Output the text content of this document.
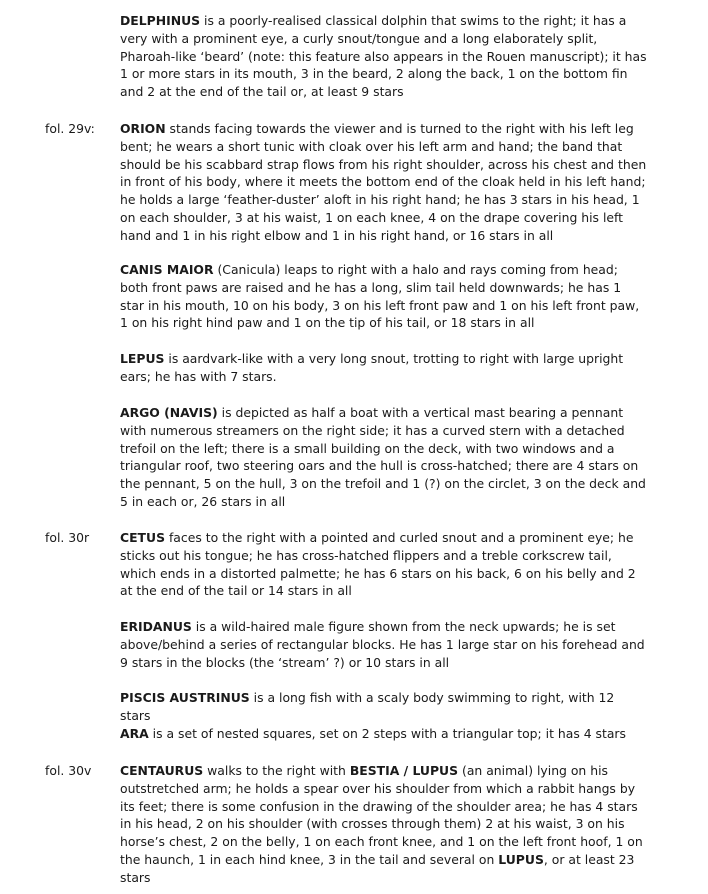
DELPHINUS is a poorly-realised classical dolphin that swims to the right; it has a very with a prominent eye, a curly snout/tongue and a long elaborately split, Pharoah-like ‘beard’ (note: this feature also appears in the Rouen manuscript); it has 1 or more stars in its mouth, 3 in the beard, 2 along the back, 1 on the bottom fin and 2 at the end of the tail or, at least 9 stars
fol. 29v:	ORION stands facing towards the viewer and is turned to the right with his left leg bent; he wears a short tunic with cloak over his left arm and hand; the band that should be his scabbard strap flows from his right shoulder, across his chest and then in front of his body, where it meets the bottom end of the cloak held in his left hand; he holds a large ‘feather-duster’ aloft in his right hand; he has 3 stars in his head, 1 on each shoulder, 3 at his waist, 1 on each knee, 4 on the drape covering his left hand and 1 in his right elbow and 1 in his right hand, or 16 stars in all
CANIS MAIOR (Canicula) leaps to right with a halo and rays coming from head; both front paws are raised and he has a long, slim tail held downwards; he has 1 star in his mouth, 10 on his body, 3 on his left front paw and 1 on his left front paw, 1 on his right hind paw and 1 on the tip of his tail, or 18 stars in all
LEPUS is aardvark-like with a very long snout, trotting to right with large upright ears; he has with 7 stars.
ARGO (NAVIS) is depicted as half a boat with a vertical mast bearing a pennant with numerous streamers on the right side; it has a curved stern with a detached trefoil on the left; there is a small building on the deck, with two windows and a triangular roof, two steering oars and the hull is cross-hatched; there are 4 stars on the pennant, 5 on the hull, 3 on the trefoil and 1 (?) on the circlet, 3 on the deck and 5 in each or, 26 stars in all
fol. 30r	CETUS faces to the right with a pointed and curled snout and a prominent eye; he sticks out his tongue; he has cross-hatched flippers and a treble corkscrew tail, which ends in a distorted palmette; he has 6 stars on his back, 6 on his belly and 2 at the end of the tail or 14 stars in all
ERIDANUS is a wild-haired male figure shown from the neck upwards; he is set above/behind a series of rectangular blocks. He has 1 large star on his forehead and 9 stars in the blocks (the ‘stream’ ?) or 10 stars in all
PISCIS AUSTRINUS is a long fish with a scaly body swimming to right, with 12 stars
ARA is a set of nested squares, set on 2 steps with a triangular top; it has 4 stars
fol. 30v	CENTAURUS walks to the right with BESTIA / LUPUS (an animal) lying on his outstretched arm; he holds a spear over his shoulder from which a rabbit hangs by its feet; there is some confusion in the drawing of the shoulder area; he has 4 stars in his head, 2 on his shoulder (with crosses through them) 2 at his waist, 3 on his horse’s chest, 2 on the belly, 1 on each front knee, and 1 on the left front hoof, 1 on the haunch, 1 in each hind knee, 3 in the tail and several on LUPUS, or at least 23 stars
